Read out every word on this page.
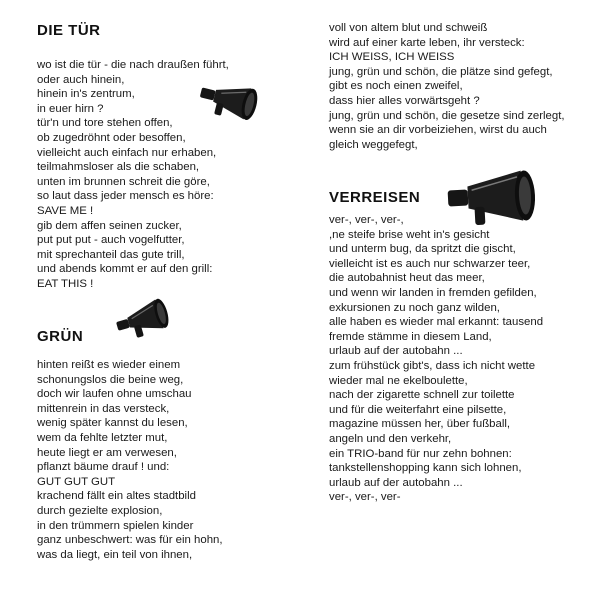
DIE TÜR
wo ist die tür - die nach draußen führt,
oder auch hinein,
hinein in's zentrum,
in euer hirn ?
tür'n und tore stehen offen,
ob zugedröhnt oder besoffen,
vielleicht auch einfach nur erhaben,
teilmahmsloser als die schaben,
unten im brunnen schreit die göre,
so laut dass jeder mensch es höre:
SAVE ME !
gib dem affen seinen zucker,
put put put - auch vogelfutter,
mit sprechanteil das gute trill,
und abends kommt er auf den grill:
EAT THIS !
GRÜN
hinten reißt es wieder einem
schonungslos die beine weg,
doch wir laufen ohne umschau
mittenrein in das versteck,
wenig später kannst du lesen,
wem da fehlte letzter mut,
heute liegt er am verwesen,
pflanzt bäume drauf ! und:
GUT GUT GUT
krachend fällt ein altes stadtbild
durch gezielte explosion,
in den trümmern spielen kinder
ganz unbeschwert: was für ein hohn,
was da liegt, ein teil von ihnen,
voll von altem blut und schweiß
wird auf einer karte leben, ihr versteck:
ICH WEISS, ICH WEISS
jung, grün und schön, die plätze sind gefegt,
gibt es noch einen zweifel,
dass hier alles vorwärtsgeht ?
jung, grün und schön, die gesetze sind zerlegt,
wenn sie an dir vorbeiziehen, wirst du auch
gleich weggefegt,
VERREISEN
ver-, ver-, ver-,
,ne steife brise weht in's gesicht
und unterm bug, da spritzt die gischt,
vielleicht ist es auch nur schwarzer teer,
die autobahnist heut das meer,
und wenn wir landen in fremden gefilden,
exkursionen zu noch ganz wilden,
alle haben es wieder mal erkannt: tausend
fremde stämme in diesem Land,
urlaub auf der autobahn ...
zum frühstück gibt's, dass ich nicht wette
wieder mal ne ekelboulette,
nach der zigarette schnell zur toilette
und für die weiterfahrt eine pilsette,
magazine müssen her, über fußball,
angeln und den verkehr,
ein TRIO-band für nur zehn bohnen:
tankstellenshopping kann sich lohnen,
urlaub auf der autobahn ...
ver-, ver-, ver-
